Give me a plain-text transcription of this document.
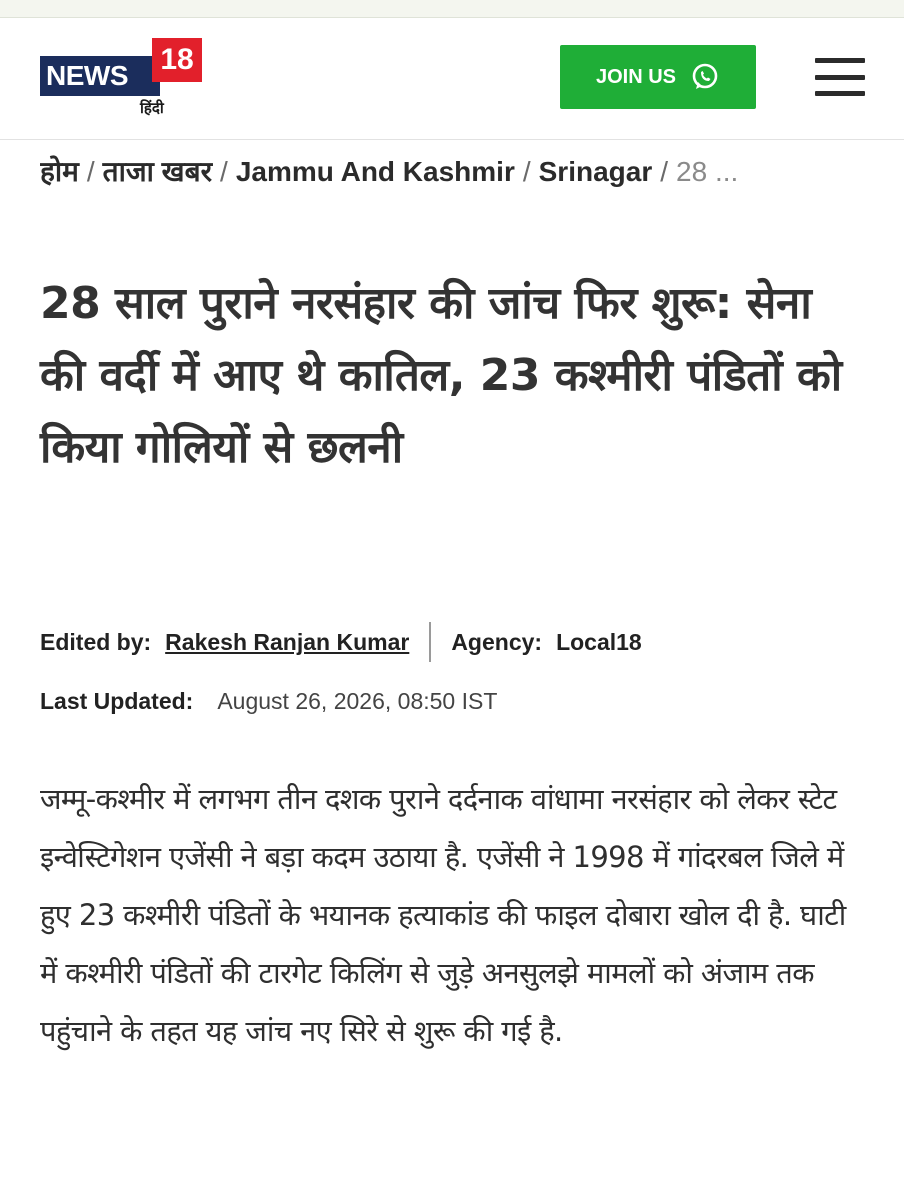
NEWS	18
हिंदी
JOIN US
होम / ताजा खबर / Jammu And Kashmir / Srinagar / 28 ...
28 साल पुराने नरसंहार की जांच फिर शुरू: सेना की वर्दी में आए थे कातिल, 23 कश्मीरी पंडितों को किया गोलियों से छलनी
Edited by: Rakesh Ranjan Kumar Agency: Local18
Last Updated: August 26, 2026, 08:50 IST

जम्मू-कश्मीर में लगभग तीन दशक पुराने दर्दनाक वांधामा नरसंहार को लेकर स्टेट इन्वेस्टिगेशन एजेंसी ने बड़ा कदम उठाया है. एजेंसी ने 1998 में गांदरबल जिले में हुए 23 कश्मीरी पंडितों के भयानक हत्याकांड की फाइल दोबारा खोल दी है. घाटी में कश्मीरी पंडितों की टारगेट किलिंग से जुड़े अनसुलझे मामलों को अंजाम तक पहुंचाने के तहत यह जांच नए सिरे से शुरू की गई है.
